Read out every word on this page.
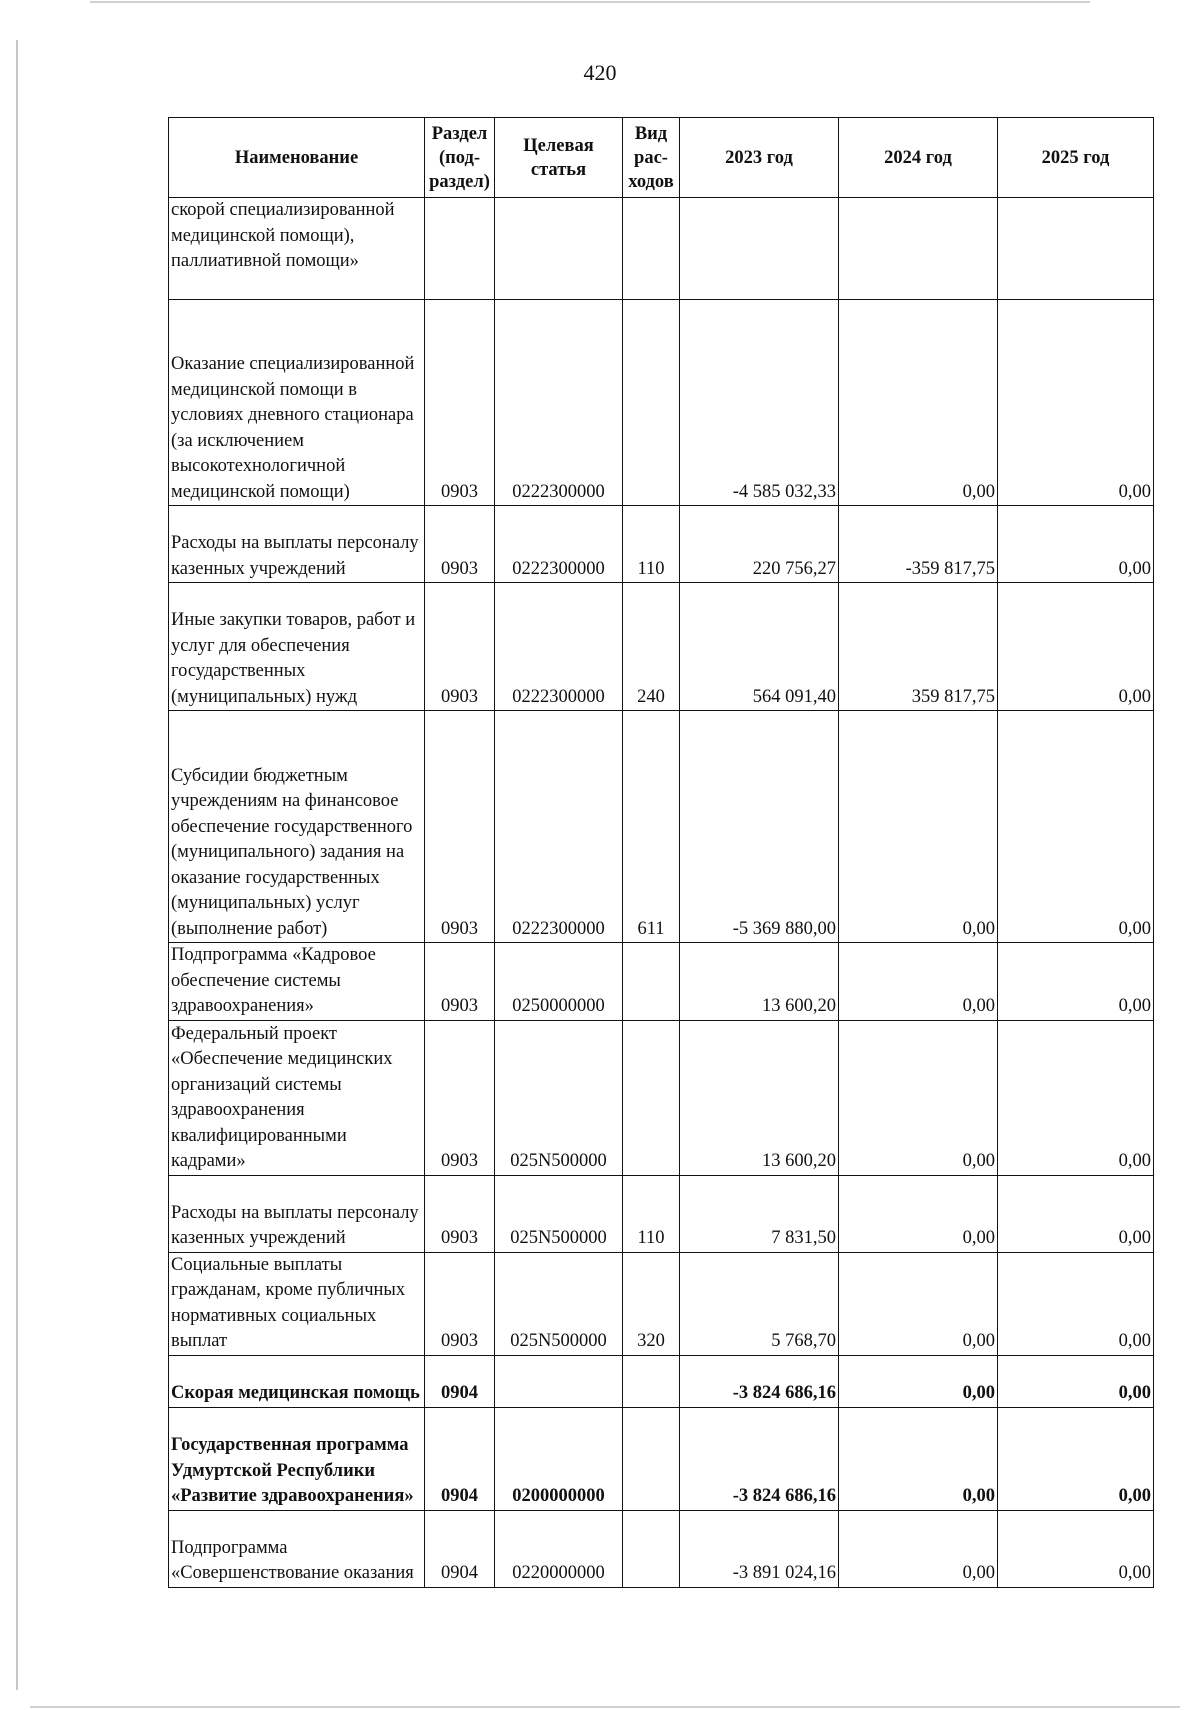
420
Наименование	Раздел (под-раздел)	Целевая статья	Вид рас-ходов	2023 год	2024 год	2025 год
скорой специализированной медицинской помощи), паллиативной помощи»						
Оказание специализированной медицинской помощи в условиях дневного стационара (за исключением высокотехнологичной медицинской помощи)	0903	0222300000		-4 585 032,33	0,00	0,00
Расходы на выплаты персоналу казенных учреждений	0903	0222300000	110	220 756,27	-359 817,75	0,00
Иные закупки товаров, работ и услуг для обеспечения государственных (муниципальных) нужд	0903	0222300000	240	564 091,40	359 817,75	0,00
Субсидии бюджетным учреждениям на финансовое обеспечение государственного (муниципального) задания на оказание государственных (муниципальных) услуг (выполнение работ)	0903	0222300000	611	-5 369 880,00	0,00	0,00
Подпрограмма «Кадровое обеспечение системы здравоохранения»	0903	0250000000		13 600,20	0,00	0,00
Федеральный проект «Обеспечение медицинских организаций системы здравоохранения квалифицированными кадрами»	0903	025N500000		13 600,20	0,00	0,00
Расходы на выплаты персоналу казенных учреждений	0903	025N500000	110	7 831,50	0,00	0,00
Социальные выплаты гражданам, кроме публичных нормативных социальных выплат	0903	025N500000	320	5 768,70	0,00	0,00
Скорая медицинская помощь	0904			-3 824 686,16	0,00	0,00
Государственная программа Удмуртской Республики «Развитие здравоохранения»	0904	0200000000		-3 824 686,16	0,00	0,00
Подпрограмма «Совершенствование оказания	0904	0220000000		-3 891 024,16	0,00	0,00
